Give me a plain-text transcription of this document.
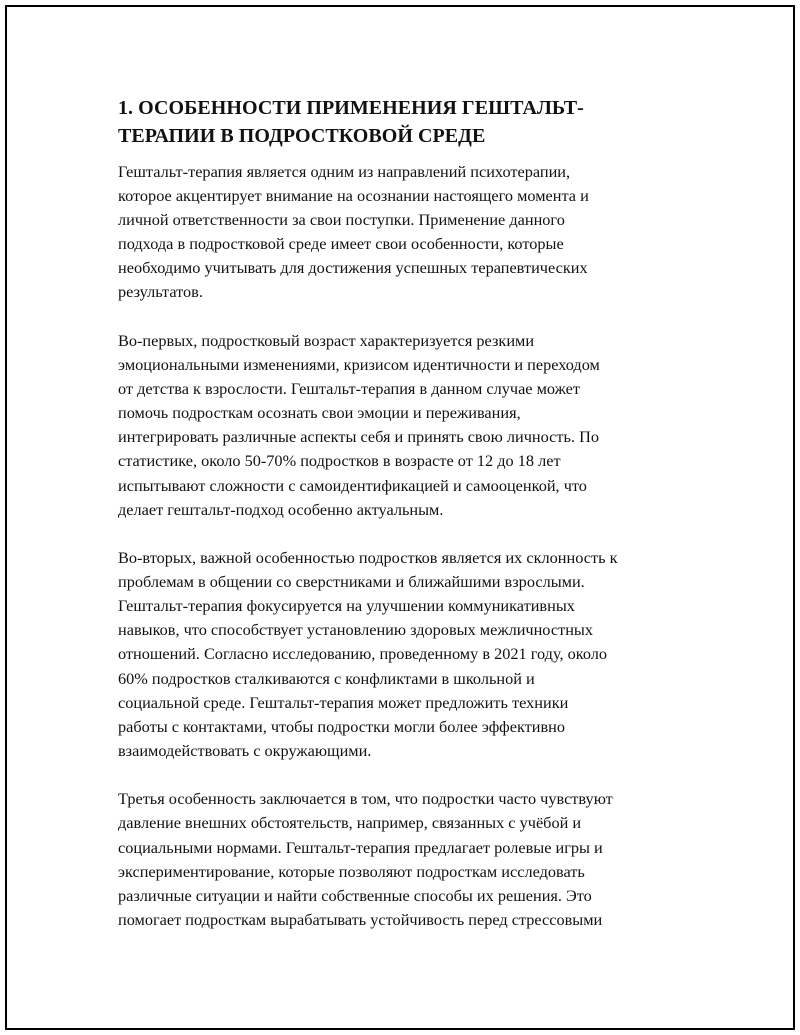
1. ОСОБЕННОСТИ ПРИМЕНЕНИЯ ГЕШТАЛЬТ-
ТЕРАПИИ В ПОДРОСТКОВОЙ СРЕДЕ

Гештальт-терапия является одним из направлений психотерапии,
которое акцентирует внимание на осознании настоящего момента и
личной ответственности за свои поступки. Применение данного
подхода в подростковой среде имеет свои особенности, которые
необходимо учитывать для достижения успешных терапевтических
результатов.

Во-первых, подростковый возраст характеризуется резкими
эмоциональными изменениями, кризисом идентичности и переходом
от детства к взрослости. Гештальт-терапия в данном случае может
помочь подросткам осознать свои эмоции и переживания,
интегрировать различные аспекты себя и принять свою личность. По
статистике, около 50-70% подростков в возрасте от 12 до 18 лет
испытывают сложности с самоидентификацией и самооценкой, что
делает гештальт-подход особенно актуальным.

Во-вторых, важной особенностью подростков является их склонность к
проблемам в общении со сверстниками и ближайшими взрослыми.
Гештальт-терапия фокусируется на улучшении коммуникативных
навыков, что способствует установлению здоровых межличностных
отношений. Согласно исследованию, проведенному в 2021 году, около
60% подростков сталкиваются с конфликтами в школьной и
социальной среде. Гештальт-терапия может предложить техники
работы с контактами, чтобы подростки могли более эффективно
взаимодействовать с окружающими.

Третья особенность заключается в том, что подростки часто чувствуют
давление внешних обстоятельств, например, связанных с учёбой и
социальными нормами. Гештальт-терапия предлагает ролевые игры и
экспериментирование, которые позволяют подросткам исследовать
различные ситуации и найти собственные способы их решения. Это
помогает подросткам вырабатывать устойчивость перед стрессовыми
